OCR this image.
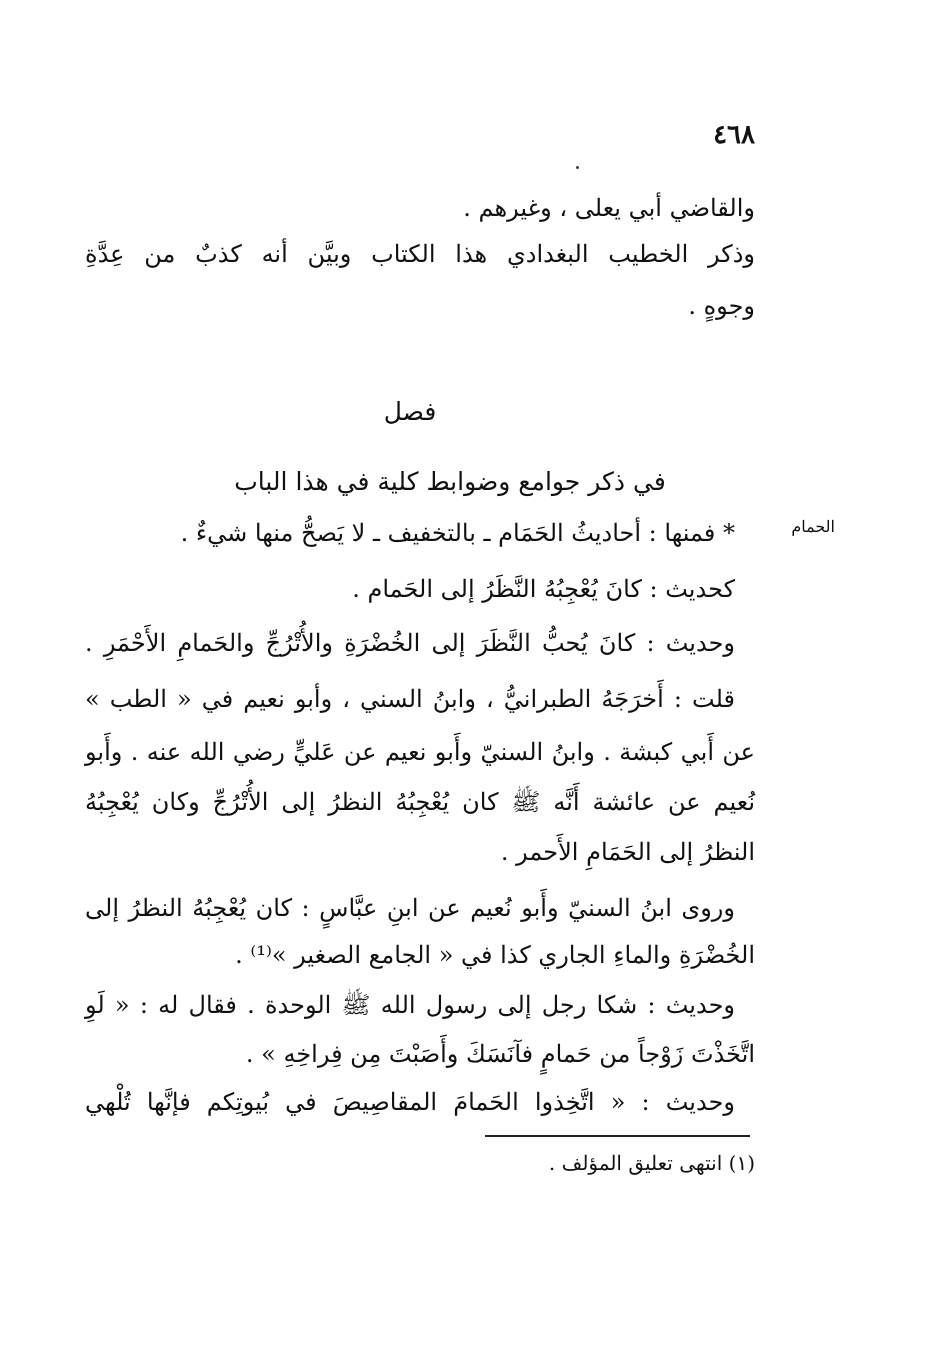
٤٦٨
والقاضي أبي يعلى ، وغيرهم .
وذكر الخطيب البغدادي هذا الكتاب وبيَّن أنه كذبٌ من عِدَّةِ
وجوهٍ .
فصل
في ذكر جوامع وضوابط كلية في هذا الباب
الحمام
* فمنها : أحاديثُ الحَمَام ـ بالتخفيف ـ لا يَصحُّ منها شيءٌ .
كحديث : كانَ يُعْجِبُهُ النَّظَرُ إلى الحَمام .
وحديث : كانَ يُحبُّ النَّظَرَ إلى الخُضْرَةِ والأُتْرُجِّ والحَمامِ الأَحْمَرِ .
قلت : أَخرَجَهُ الطبرانيُّ ، وابنُ السني ، وأبو نعيم في « الطب »
عن أَبي كبشة . وابنُ السنيّ وأَبو نعيم عن عَليٍّ رضي الله عنه . وأَبو
نُعيم عن عائشة أَنَّه ﷺ كان يُعْجِبُهُ النظرُ إلى الأُتْرُجِّ وكان يُعْجِبُهُ
النظرُ إلى الحَمَامِ الأَحمر .
وروى ابنُ السنيّ وأَبو نُعيم عن ابنِ عبَّاسٍ : كان يُعْجِبُهُ النظرُ إلى
الخُضْرَةِ والماءِ الجاري كذا في « الجامع الصغير »⁽¹⁾ .
وحديث : شكا رجل إلى رسول الله ﷺ الوحدة . فقال له : « لَوِ
اتَّخَذْتَ زَوْجاً من حَمامٍ فآنَسَكَ وأَصَبْتَ مِن فِراخِهِ » .
وحديث : « اتَّخِذوا الحَمامَ المقاصِيصَ في بُيوتِكم فإنَّها تُلْهي
(١) انتهى تعليق المؤلف .
